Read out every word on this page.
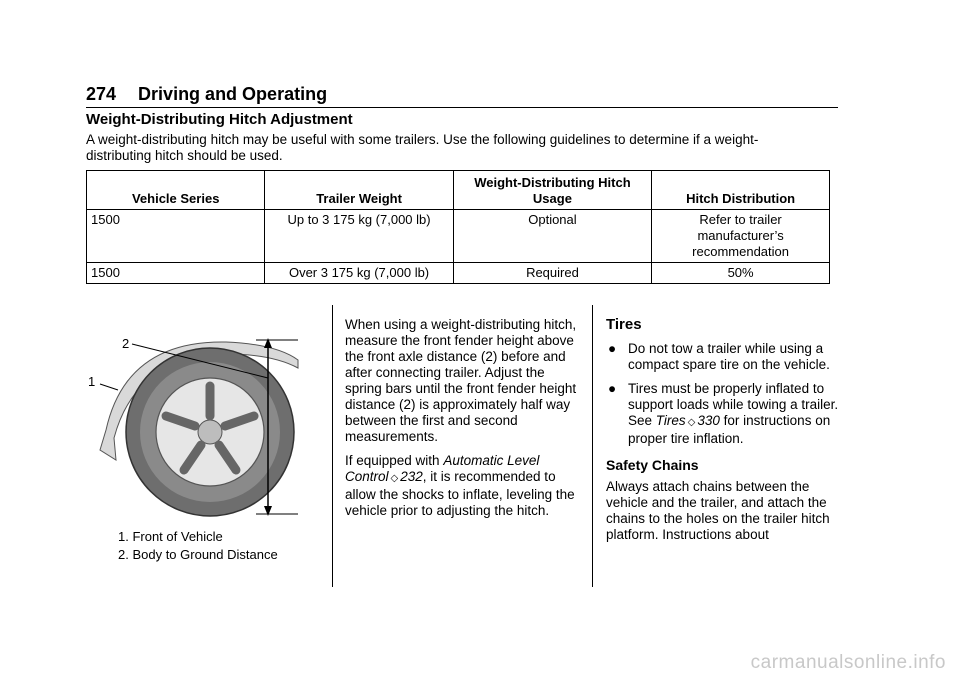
274 Driving and Operating
Weight-Distributing Hitch Adjustment
A weight-distributing hitch may be useful with some trailers. Use the following guidelines to determine if a weight-distributing hitch should be used.
Vehicle Series	Trailer Weight	Weight-Distributing Hitch Usage	Hitch Distribution
1500	Up to 3 175 kg (7,000 lb)	Optional	Refer to trailer manufacturer’s recommendation
1500	Over 3 175 kg (7,000 lb)	Required	50%
2
1
1. Front of Vehicle
2. Body to Ground Distance

When using a weight-distributing hitch, measure the front fender height above the front axle distance (2) before and after connecting trailer. Adjust the spring bars until the front fender height distance (2) is approximately half way between the first and second measurements.

If equipped with Automatic Level Control ◇ 232, it is recommended to allow the shocks to inflate, leveling the vehicle prior to adjusting the hitch.

Tires
● Do not tow a trailer while using a compact spare tire on the vehicle.
● Tires must be properly inflated to support loads while towing a trailer. See Tires ◇ 330 for instructions on proper tire inflation.
Safety Chains

Always attach chains between the vehicle and the trailer, and attach the chains to the holes on the trailer hitch platform. Instructions about

carmanualsonline.info
